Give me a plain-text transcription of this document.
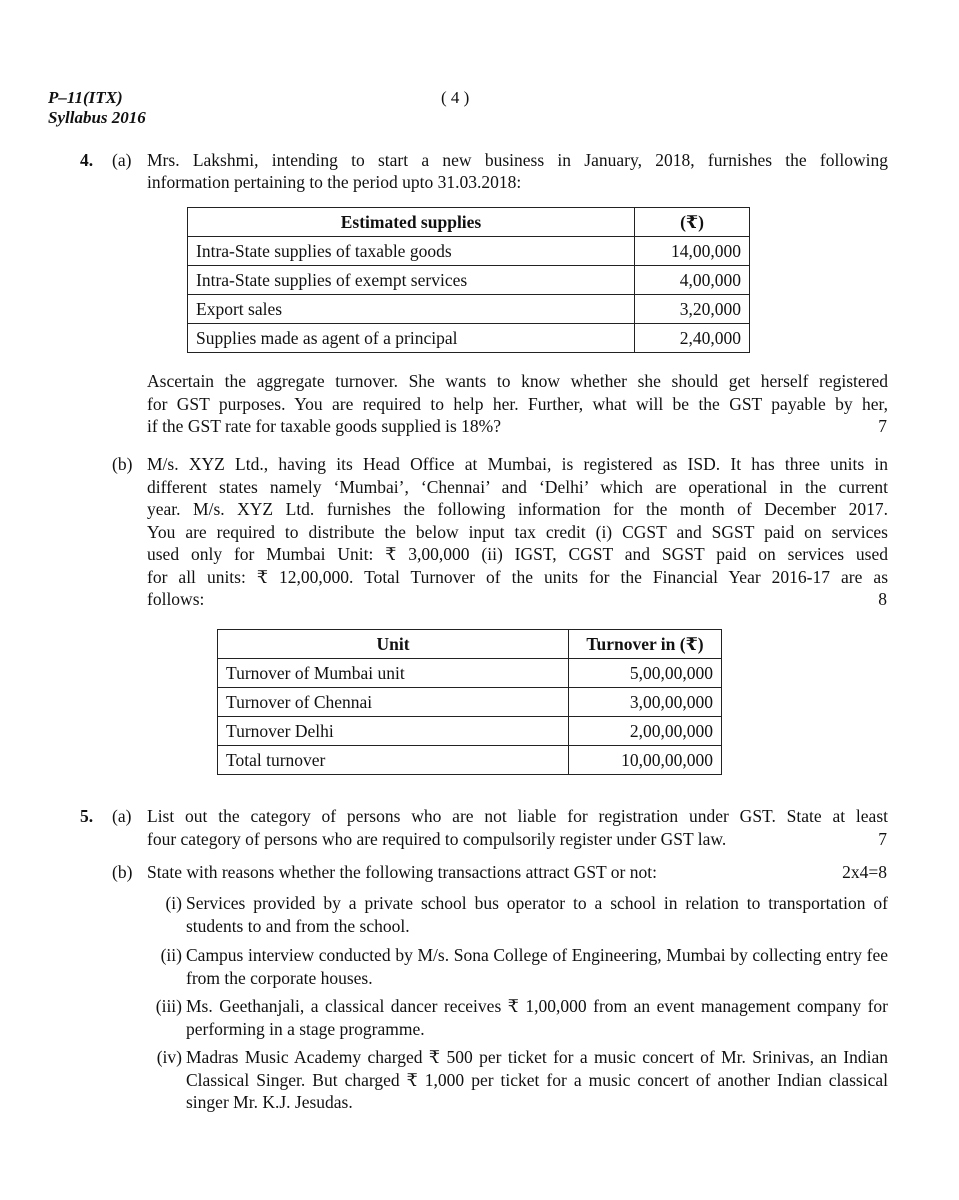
P–11(ITX)
Syllabus 2016
( 4 )
4. (a) Mrs. Lakshmi, intending to start a new business in January, 2018, furnishes the following
information pertaining to the period upto 31.03.2018:
Estimated supplies	(₹)
Intra-State supplies of taxable goods	14,00,000
Intra-State supplies of exempt services	4,00,000
Export sales	3,20,000
Supplies made as agent of a principal	2,40,000
Ascertain the aggregate turnover. She wants to know whether she should get herself registered
for GST purposes. You are required to help her. Further, what will be the GST payable by her,
if the GST rate for taxable goods supplied is 18%?	7
(b) M/s. XYZ Ltd., having its Head Office at Mumbai, is registered as ISD. It has three units in
different states namely ‘Mumbai’, ‘Chennai’ and ‘Delhi’ which are operational in the current
year. M/s. XYZ Ltd. furnishes the following information for the month of December 2017.
You are required to distribute the below input tax credit (i) CGST and SGST paid on services
used only for Mumbai Unit: ₹ 3,00,000 (ii) IGST, CGST and SGST paid on services used
for all units: ₹ 12,00,000. Total Turnover of the units for the Financial Year 2016-17 are as
follows:	8
Unit	Turnover in (₹)
Turnover of Mumbai unit	5,00,00,000
Turnover of Chennai	3,00,00,000
Turnover Delhi	2,00,00,000
Total turnover	10,00,00,000
5. (a) List out the category of persons who are not liable for registration under GST. State at least
four category of persons who are required to compulsorily register under GST law.	7
(b) State with reasons whether the following transactions attract GST or not:	2x4=8
(i) Services provided by a private school bus operator to a school in relation to transportation of students to and from the school.
(ii) Campus interview conducted by M/s. Sona College of Engineering, Mumbai by collecting entry fee from the corporate houses.
(iii) Ms. Geethanjali, a classical dancer receives ₹ 1,00,000 from an event management company for performing in a stage programme.
(iv) Madras Music Academy charged ₹ 500 per ticket for a music concert of Mr. Srinivas, an Indian Classical Singer. But charged ₹ 1,000 per ticket for a music concert of another Indian classical singer Mr. K.J. Jesudas.
